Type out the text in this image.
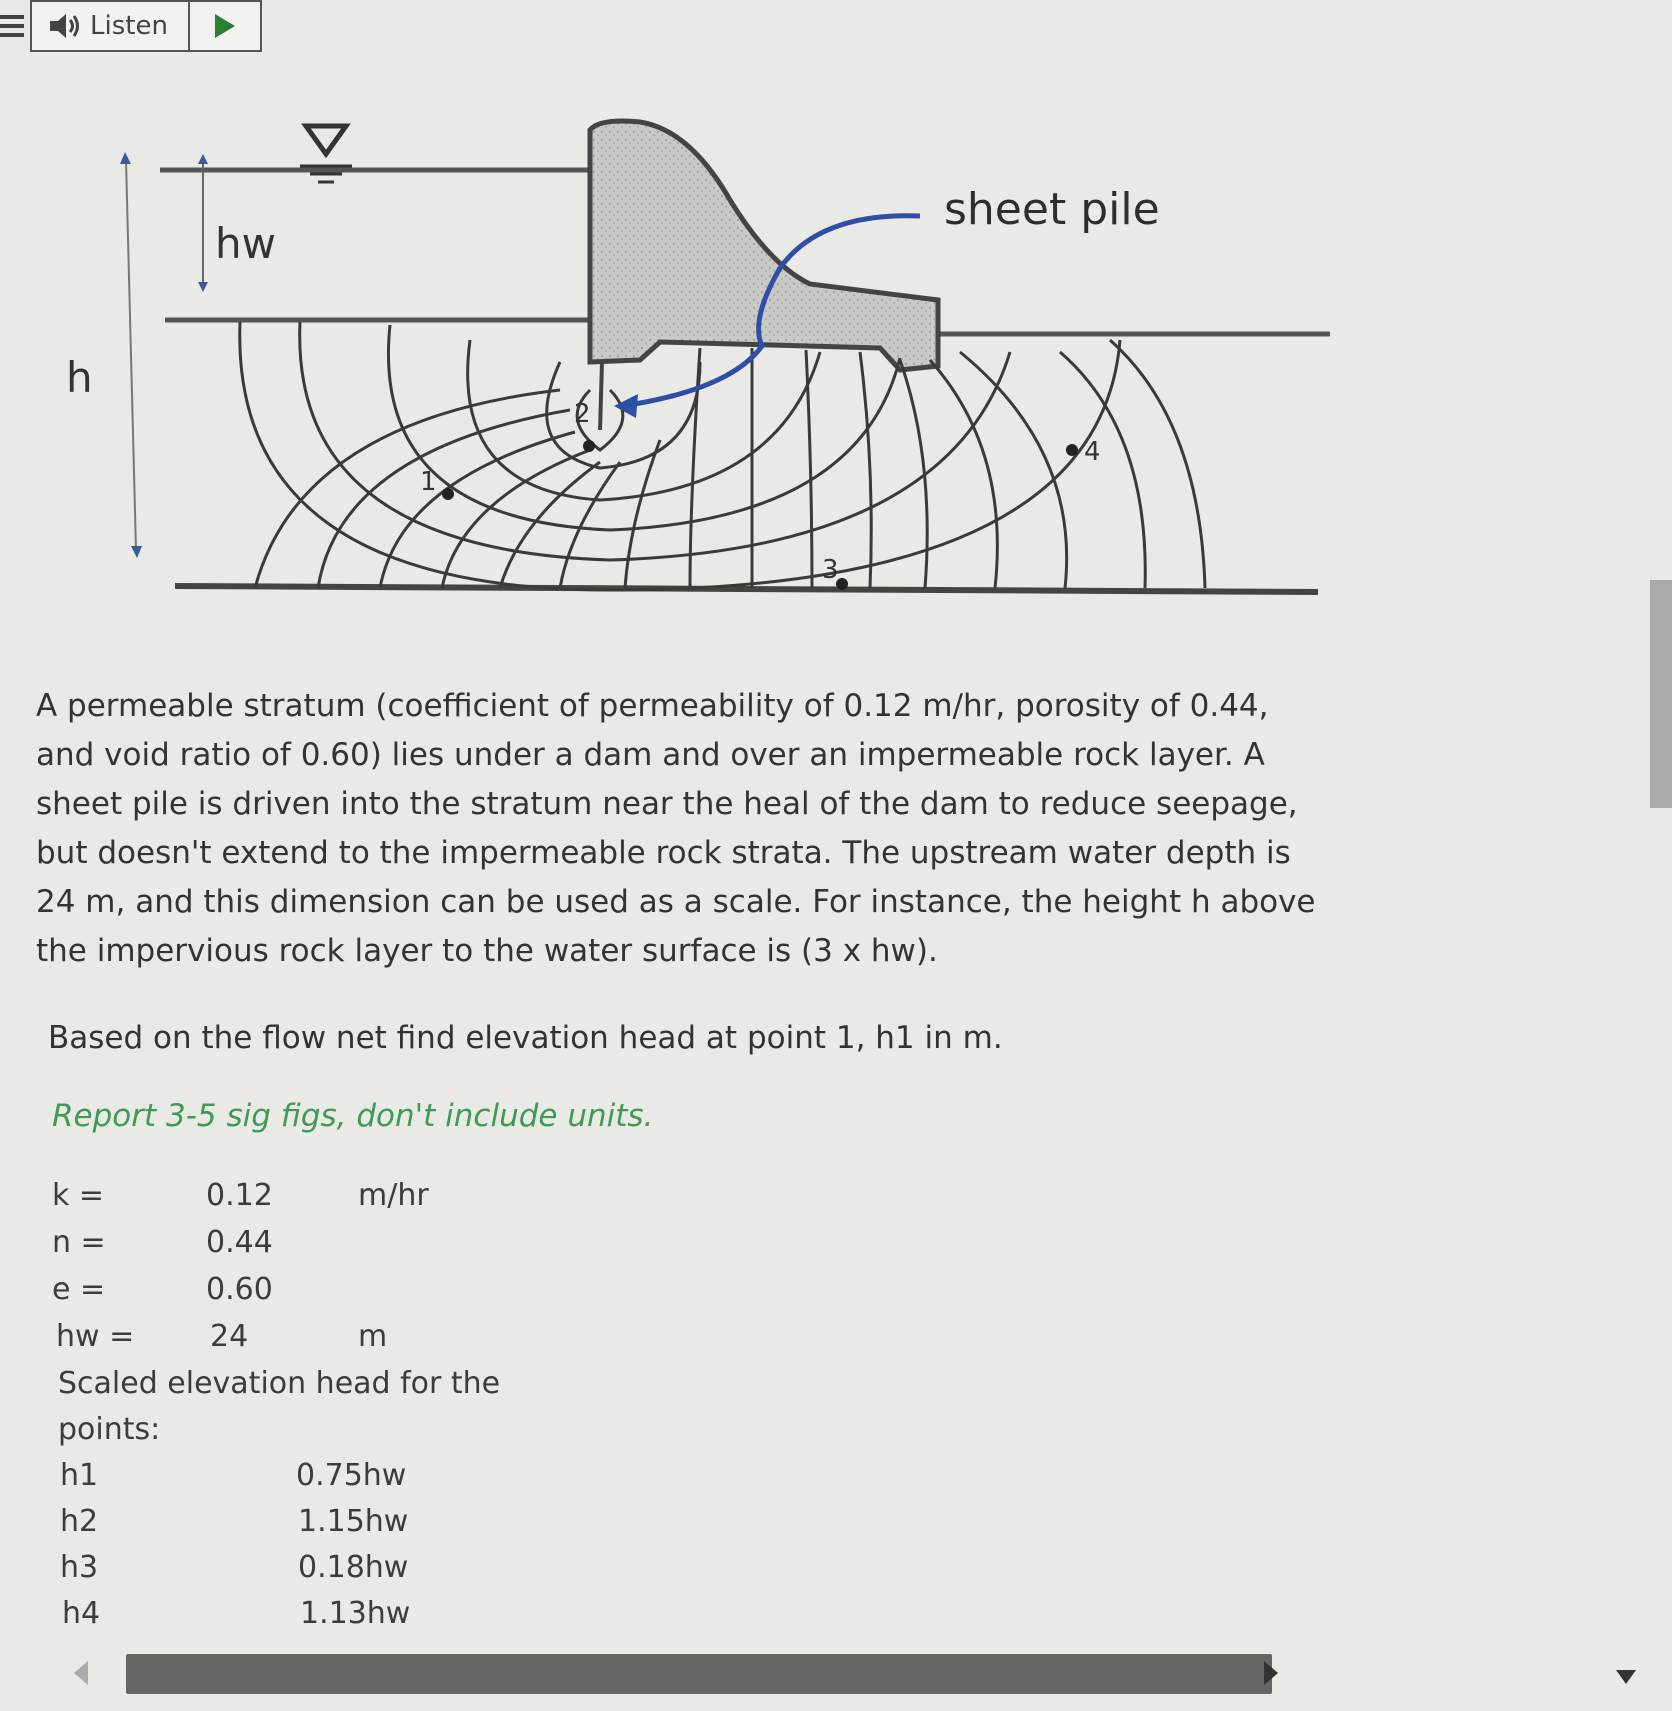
Listen
hw
h
1
2
3
4
sheet pile

A permeable stratum (coefficient of permeability of 0.12 m/hr, porosity of 0.44, and void ratio of 0.60) lies under a dam and over an impermeable rock layer. A sheet pile is driven into the stratum near the heal of the dam to reduce seepage, but doesn't extend to the impermeable rock strata. The upstream water depth is 24 m, and this dimension can be used as a scale. For instance, the height h above the impervious rock layer to the water surface is (3 x hw).

Based on the flow net find elevation head at point 1, h1 in m.

Report 3-5 sig figs, don't include units.

k =	0.12	m/hr
n =	0.44
e =	0.60
hw =	24	m
Scaled elevation head for the
points:
h1	0.75hw
h2	1.15hw
h3	0.18hw
h4	1.13hw
